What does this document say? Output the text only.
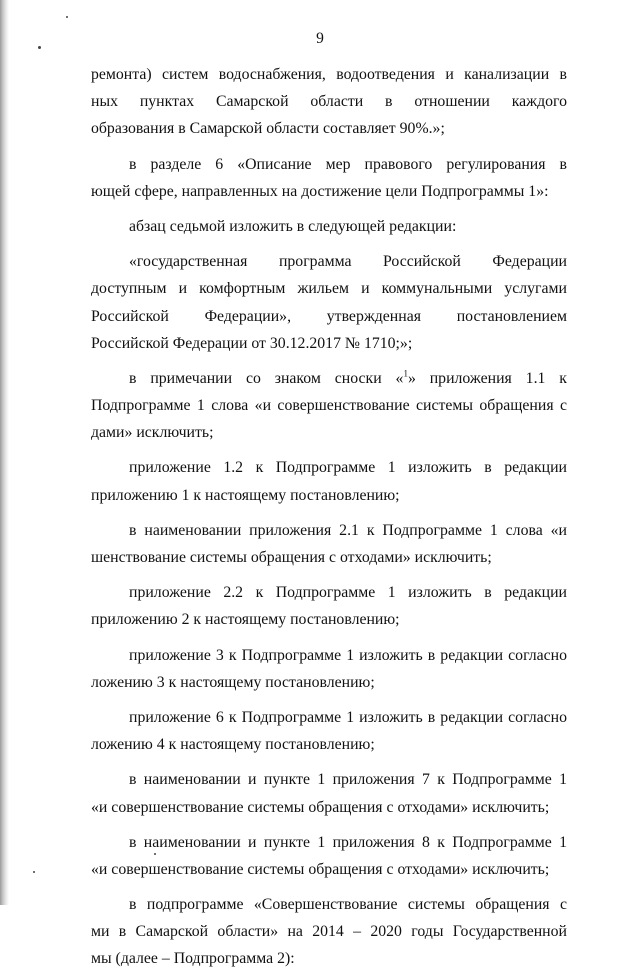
9
ремонта) систем водоснабжения, водоотведения и канализации в
ных пунктах Самарской области в отношении каждого
образования в Самарской области составляет 90%.»;
в разделе 6 «Описание мер правового регулирования в
ющей сфере, направленных на достижение цели Подпрограммы 1»:
абзац седьмой изложить в следующей редакции:
«государственная программа Российской Федерации
доступным и комфортным жильем и коммунальными услугами
Российской Федерации», утвержденная постановлением
Российской Федерации от 30.12.2017 № 1710;»;
в примечании со знаком сноски «$^1$» приложения 1.1 к
Подпрограмме 1 слова «и совершенствование системы обращения с
дами» исключить;
приложение 1.2 к Подпрограмме 1 изложить в редакции
приложению 1 к настоящему постановлению;
в наименовании приложения 2.1 к Подпрограмме 1 слова «и
шенствование системы обращения с отходами» исключить;
приложение 2.2 к Подпрограмме 1 изложить в редакции
приложению 2 к настоящему постановлению;
приложение 3 к Подпрограмме 1 изложить в редакции согласно
ложению 3 к настоящему постановлению;
приложение 6 к Подпрограмме 1 изложить в редакции согласно
ложению 4 к настоящему постановлению;
в наименовании и пункте 1 приложения 7 к Подпрограмме 1
«и совершенствование системы обращения с отходами» исключить;
в наименовании и пункте 1 приложения 8 к Подпрограмме 1
«и совершенствование системы обращения с отходами» исключить;
в подпрограмме «Совершенствование системы обращения с
ми в Самарской области» на 2014 – 2020 годы Государственной
мы (далее – Подпрограмма 2):
